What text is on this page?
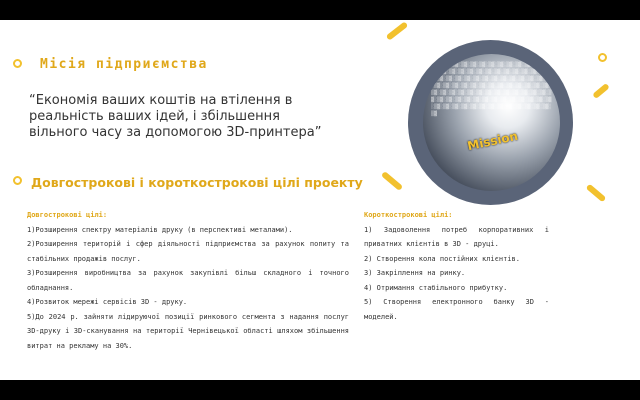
░▒▓░▒▓░▒▓░▒▓░▒▓░▒▓░▒▓░▒▓░▒▓░▒▓░▒▓░▒▓░▒▓░▒▓░▒▓░▒▓░▒▓░▒▓░▒▓░▒▓░▒▓░▒▓░▒▓░▒▓░▒▓░▒▓░▒▓░▒▓░▒▓░▒▓░▒▓░▒▓░▒▓░▒▓░▒▓░▒▓░▒▓░▒▓░▒▓░▒▓░▒▓░▒▓░▒▓░▒▓░▒▓░▒▓░▒▓░▒▓░▒▓░▒▓░▒▓░▒▓░▒▓░▒▓░▒▓░▒▓░▒▓░▒▓░▒▓░▒▓░▒▓░▒▓░▒▓░▒▓░▒▓░▒▓░▒▓░▒▓░▒▓░▒▓░▒▓░▒▓░▒▓░▒▓░▒▓░▒▓░▒▓░▒▓░▒▓░▒▓░▒▓░▒▓░▒▓░▒▓░▒▓░▒▓░▒▓░▒▓░▒▓░▒▓░▒▓░▒▓░▒▓░▒▓
Mission
Місія підприємства
“Економія ваших коштів на втілення в реальність ваших ідей, і збільшення вільного часу за допомогою 3D-принтера”
Довгострокові і короткострокові цілі проекту

Довгострокові цілі:

1)Розширення спектру матеріалів друку (в перспективі металами).

2)Розширення територій і сфер діяльності підприємства за рахунок попиту та стабільних продажів послуг.

3)Розширення виробництва за рахунок закупівлі більш складного і точного обладнання.

4)Розвиток мережі сервісів 3D - друку.

5)До 2024 р. зайняти лідируючої позиції ринкового сегмента з надання послуг 3D-друку і 3D-сканування на території Чернівецької області шляхом збільшення витрат на рекламу на 30%.

Короткострокові цілі:

1) Задоволення потреб корпоративних і приватних клієнтів в 3D - друці.

2) Створення кола постійних клієнтів.

3) Закріплення на ринку.

4) Отримання стабільного прибутку.

5) Створення електронного банку 3D - моделей.
